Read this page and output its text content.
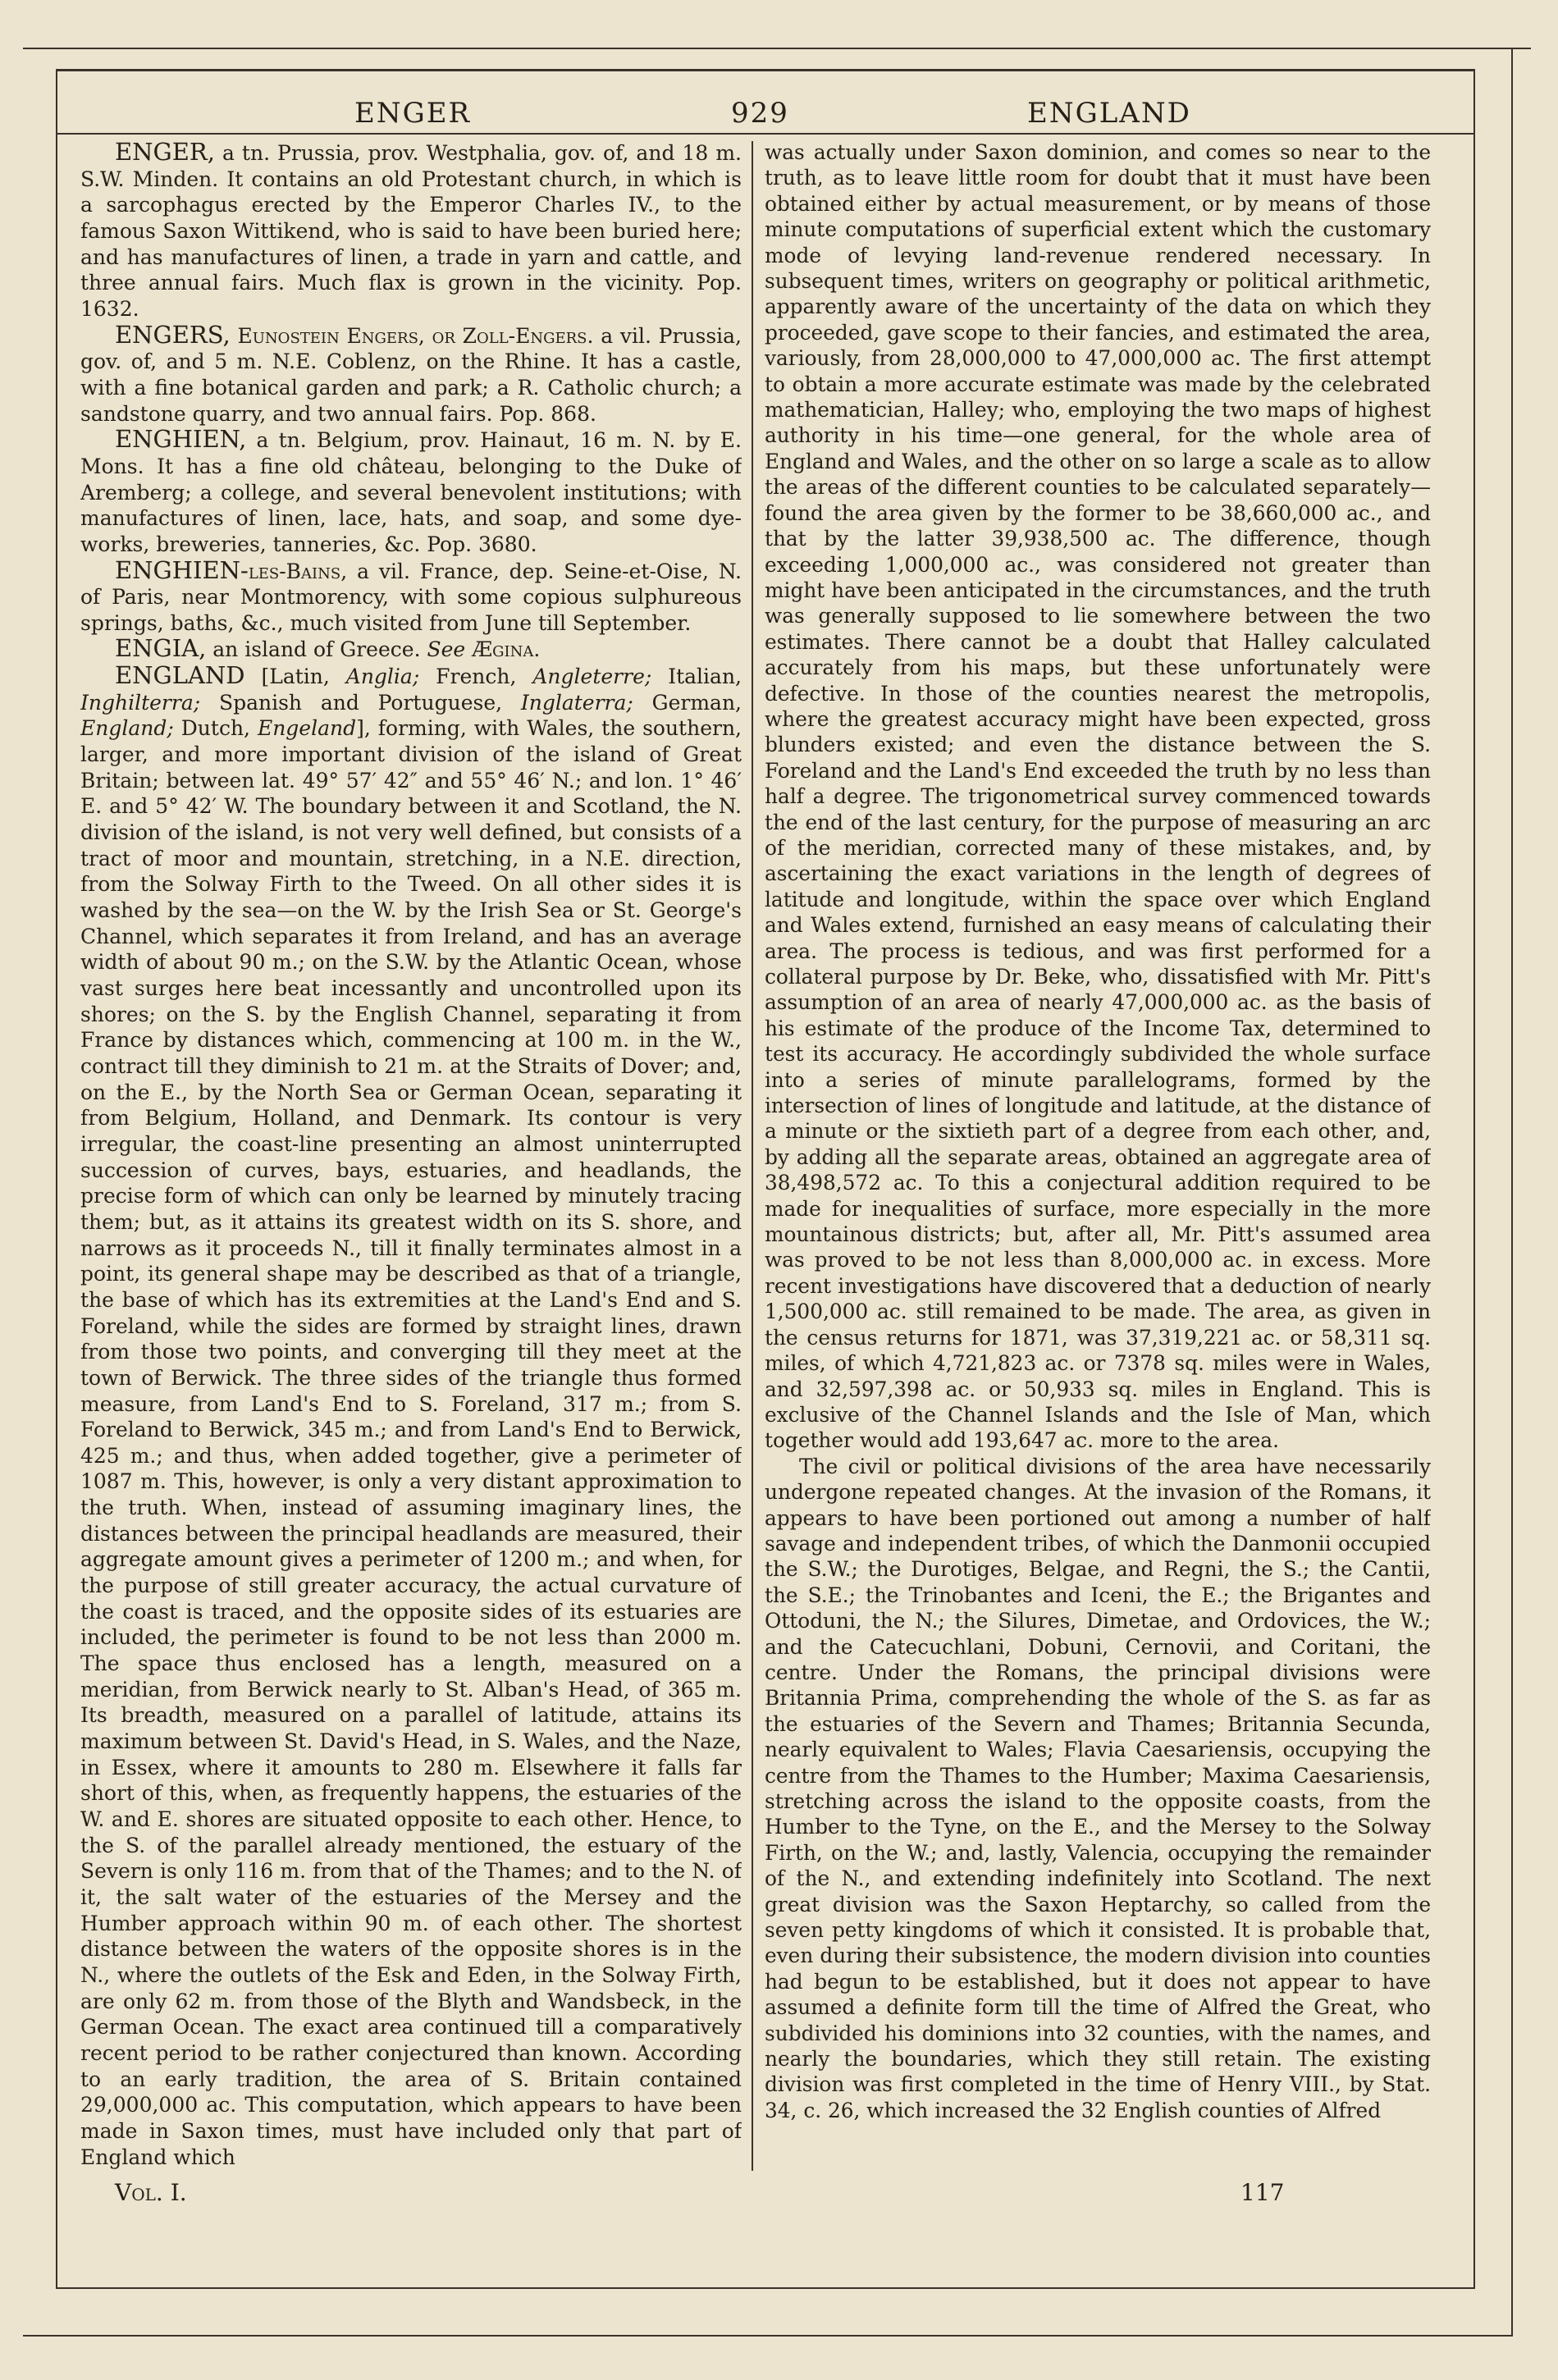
ENGER	929	ENGLAND

ENGER, a tn. Prussia, prov. Westphalia, gov. of, and 18 m. S.W. Minden. It contains an old Protestant church, in which is a sarcophagus erected by the Emperor Charles IV., to the famous Saxon Wittikend, who is said to have been buried here; and has manufactures of linen, a trade in yarn and cattle, and three annual fairs. Much flax is grown in the vicinity. Pop. 1632.

ENGERS, Eunostein Engers, or Zoll-Engers. a vil. Prussia, gov. of, and 5 m. N.E. Coblenz, on the Rhine. It has a castle, with a fine botanical garden and park; a R. Catholic church; a sandstone quarry, and two annual fairs. Pop. 868.

ENGHIEN, a tn. Belgium, prov. Hainaut, 16 m. N. by E. Mons. It has a fine old château, belonging to the Duke of Aremberg; a college, and several benevolent institutions; with manufactures of linen, lace, hats, and soap, and some dye-works, breweries, tanneries, &c. Pop. 3680.

ENGHIEN-les-Bains, a vil. France, dep. Seine-et-Oise, N. of Paris, near Montmorency, with some copious sulphureous springs, baths, &c., much visited from June till September.

ENGIA, an island of Greece. See Ægina.

ENGLAND [Latin, Anglia; French, Angleterre; Italian, Inghilterra; Spanish and Portuguese, Inglaterra; German, England; Dutch, Engeland], forming, with Wales, the southern, larger, and more important division of the island of Great Britain; between lat. 49° 57′ 42″ and 55° 46′ N.; and lon. 1° 46′ E. and 5° 42′ W. The boundary between it and Scotland, the N. division of the island, is not very well defined, but consists of a tract of moor and mountain, stretching, in a N.E. direction, from the Solway Firth to the Tweed. On all other sides it is washed by the sea—on the W. by the Irish Sea or St. George's Channel, which separates it from Ireland, and has an average width of about 90 m.; on the S.W. by the Atlantic Ocean, whose vast surges here beat incessantly and uncontrolled upon its shores; on the S. by the English Channel, separating it from France by distances which, commencing at 100 m. in the W., contract till they diminish to 21 m. at the Straits of Dover; and, on the E., by the North Sea or German Ocean, separating it from Belgium, Holland, and Denmark. Its contour is very irregular, the coast-line presenting an almost uninterrupted succession of curves, bays, estuaries, and headlands, the precise form of which can only be learned by minutely tracing them; but, as it attains its greatest width on its S. shore, and narrows as it proceeds N., till it finally terminates almost in a point, its general shape may be described as that of a triangle, the base of which has its extremities at the Land's End and S. Foreland, while the sides are formed by straight lines, drawn from those two points, and converging till they meet at the town of Berwick. The three sides of the triangle thus formed measure, from Land's End to S. Foreland, 317 m.; from S. Foreland to Berwick, 345 m.; and from Land's End to Berwick, 425 m.; and thus, when added together, give a perimeter of 1087 m. This, however, is only a very distant approximation to the truth. When, instead of assuming imaginary lines, the distances between the principal headlands are measured, their aggregate amount gives a perimeter of 1200 m.; and when, for the purpose of still greater accuracy, the actual curvature of the coast is traced, and the opposite sides of its estuaries are included, the perimeter is found to be not less than 2000 m. The space thus enclosed has a length, measured on a meridian, from Berwick nearly to St. Alban's Head, of 365 m. Its breadth, measured on a parallel of latitude, attains its maximum between St. David's Head, in S. Wales, and the Naze, in Essex, where it amounts to 280 m. Elsewhere it falls far short of this, when, as frequently happens, the estuaries of the W. and E. shores are situated opposite to each other. Hence, to the S. of the parallel already mentioned, the estuary of the Severn is only 116 m. from that of the Thames; and to the N. of it, the salt water of the estuaries of the Mersey and the Humber approach within 90 m. of each other. The shortest distance between the waters of the opposite shores is in the N., where the outlets of the Esk and Eden, in the Solway Firth, are only 62 m. from those of the Blyth and Wandsbeck, in the German Ocean. The exact area continued till a comparatively recent period to be rather conjectured than known. According to an early tradition, the area of S. Britain contained 29,000,000 ac. This computation, which appears to have been made in Saxon times, must have included only that part of England which

was actually under Saxon dominion, and comes so near to the truth, as to leave little room for doubt that it must have been obtained either by actual measurement, or by means of those minute computations of superficial extent which the customary mode of levying land-revenue rendered necessary. In subsequent times, writers on geography or political arithmetic, apparently aware of the uncertainty of the data on which they proceeded, gave scope to their fancies, and estimated the area, variously, from 28,000,000 to 47,000,000 ac. The first attempt to obtain a more accurate estimate was made by the celebrated mathematician, Halley; who, employing the two maps of highest authority in his time—one general, for the whole area of England and Wales, and the other on so large a scale as to allow the areas of the different counties to be calculated separately—found the area given by the former to be 38,660,000 ac., and that by the latter 39,938,500 ac. The difference, though exceeding 1,000,000 ac., was considered not greater than might have been anticipated in the circumstances, and the truth was generally supposed to lie somewhere between the two estimates. There cannot be a doubt that Halley calculated accurately from his maps, but these unfortunately were defective. In those of the counties nearest the metropolis, where the greatest accuracy might have been expected, gross blunders existed; and even the distance between the S. Foreland and the Land's End exceeded the truth by no less than half a degree. The trigonometrical survey commenced towards the end of the last century, for the purpose of measuring an arc of the meridian, corrected many of these mistakes, and, by ascertaining the exact variations in the length of degrees of latitude and longitude, within the space over which England and Wales extend, furnished an easy means of calculating their area. The process is tedious, and was first performed for a collateral purpose by Dr. Beke, who, dissatisfied with Mr. Pitt's assumption of an area of nearly 47,000,000 ac. as the basis of his estimate of the produce of the Income Tax, determined to test its accuracy. He accordingly subdivided the whole surface into a series of minute parallelograms, formed by the intersection of lines of longitude and latitude, at the distance of a minute or the sixtieth part of a degree from each other, and, by adding all the separate areas, obtained an aggregate area of 38,498,572 ac. To this a conjectural addition required to be made for inequalities of surface, more especially in the more mountainous districts; but, after all, Mr. Pitt's assumed area was proved to be not less than 8,000,000 ac. in excess. More recent investigations have discovered that a deduction of nearly 1,500,000 ac. still remained to be made. The area, as given in the census returns for 1871, was 37,319,221 ac. or 58,311 sq. miles, of which 4,721,823 ac. or 7378 sq. miles were in Wales, and 32,597,398 ac. or 50,933 sq. miles in England. This is exclusive of the Channel Islands and the Isle of Man, which together would add 193,647 ac. more to the area.

The civil or political divisions of the area have necessarily undergone repeated changes. At the invasion of the Romans, it appears to have been portioned out among a number of half savage and independent tribes, of which the Danmonii occupied the S.W.; the Durotiges, Belgae, and Regni, the S.; the Cantii, the S.E.; the Trinobantes and Iceni, the E.; the Brigantes and Ottoduni, the N.; the Silures, Dimetae, and Ordovices, the W.; and the Catecuchlani, Dobuni, Cernovii, and Coritani, the centre. Under the Romans, the principal divisions were Britannia Prima, comprehending the whole of the S. as far as the estuaries of the Severn and Thames; Britannia Secunda, nearly equivalent to Wales; Flavia Caesariensis, occupying the centre from the Thames to the Humber; Maxima Caesariensis, stretching across the island to the opposite coasts, from the Humber to the Tyne, on the E., and the Mersey to the Solway Firth, on the W.; and, lastly, Valencia, occupying the remainder of the N., and extending indefinitely into Scotland. The next great division was the Saxon Heptarchy, so called from the seven petty kingdoms of which it consisted. It is probable that, even during their subsistence, the modern division into counties had begun to be established, but it does not appear to have assumed a definite form till the time of Alfred the Great, who subdivided his dominions into 32 counties, with the names, and nearly the boundaries, which they still retain. The existing division was first completed in the time of Henry VIII., by Stat. 34, c. 26, which increased the 32 English counties of Alfred

Vol. I.	117
